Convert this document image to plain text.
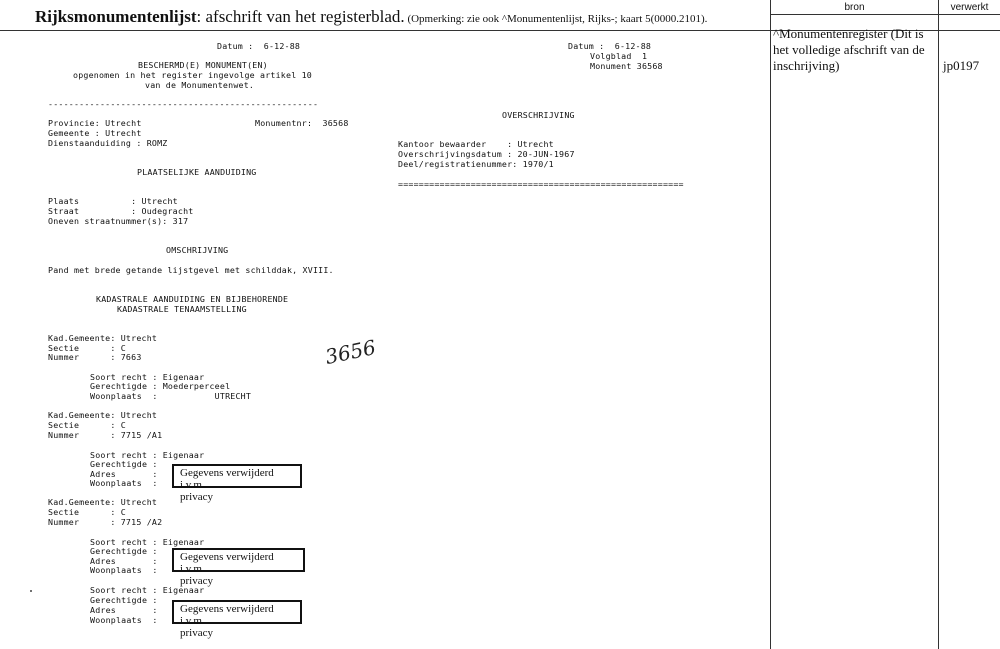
Rijksmonumentenlijst: afschrift van het registerblad. (Opmerking: zie ook ^Monumentenlijst, Rijks-; kaart 5(0000.2101).
bron	verwerkt
^Monumentenregister (Dit is het volledige afschrift van de inschrijving)	jp0197
Datum :  6-12-88
BESCHERMD(E) MONUMENT(EN)
opgenomen in het register ingevolge artikel 10
van de Monumentenwet.
----------------------------------------------------
Provincie: Utrecht	Monumentnr:  36568
Gemeente : Utrecht
Dienstaanduiding : ROMZ
PLAATSELIJKE AANDUIDING
Plaats          : Utrecht
Straat          : Oudegracht
Oneven straatnummer(s): 317
OMSCHRIJVING
Pand met brede getande lijstgevel met schilddak, XVIII.
KADASTRALE AANDUIDING EN BIJBEHORENDE
KADASTRALE TENAAMSTELLING
3656
Kad.Gemeente: Utrecht
Sectie      : C
Nummer      : 7663
Soort recht : Eigenaar
Gerechtigde : Moederperceel
Woonplaats  :           UTRECHT
Kad.Gemeente: Utrecht
Sectie      : C
Nummer      : 7715 /A1
Soort recht : Eigenaar
Gerechtigde :
Adres       :
Woonplaats  :
Gegevens verwijderd i.v.m.
privacy
Kad.Gemeente: Utrecht
Sectie      : C
Nummer      : 7715 /A2
Soort recht : Eigenaar
Gerechtigde :
Adres       :
Woonplaats  :
Gegevens verwijderd i.v.m.
privacy
Soort recht : Eigenaar
Gerechtigde :
Adres       :
Woonplaats  :
Gegevens verwijderd i.v.m.
privacy
Datum :  6-12-88
Volgblad  1
Monument 36568
OVERSCHRIJVING
Kantoor bewaarder    : Utrecht
Overschrijvingsdatum : 20-JUN-1967
Deel/registratienummer: 1970/1
=======================================================
